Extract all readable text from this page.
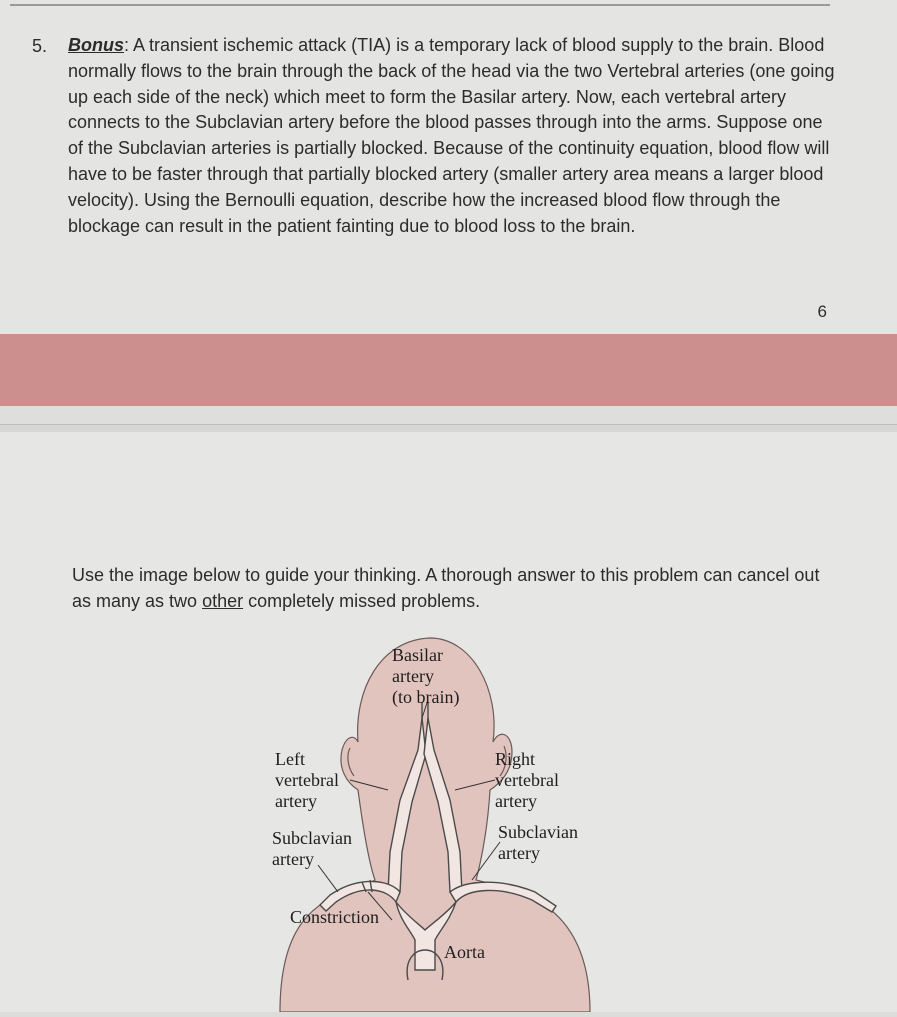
5. Bonus: A transient ischemic attack (TIA) is a temporary lack of blood supply to the brain. Blood normally flows to the brain through the back of the head via the two Vertebral arteries (one going up each side of the neck) which meet to form the Basilar artery. Now, each vertebral artery connects to the Subclavian artery before the blood passes through into the arms. Suppose one of the Subclavian arteries is partially blocked. Because of the continuity equation, blood flow will have to be faster through that partially blocked artery (smaller artery area means a larger blood velocity). Using the Bernoulli equation, describe how the increased blood flow through the blockage can result in the patient fainting due to blood loss to the brain.
6
Use the image below to guide your thinking. A thorough answer to this problem can cancel out as many as two other completely missed problems.
Basilar
artery
(to brain)
Left
vertebral
artery
Right
vertebral
artery
Subclavian
artery
Subclavian
artery
Constriction
Aorta
